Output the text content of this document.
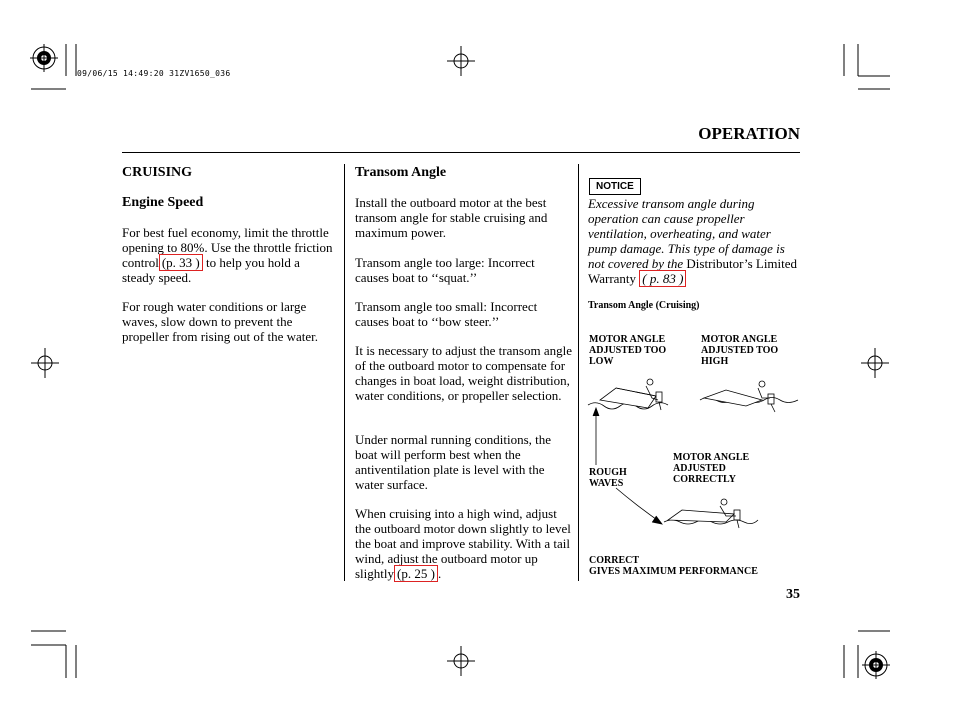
09/06/15 14:49:20 31ZV1650_036
OPERATION
CRUISING
Engine Speed
For best fuel economy, limit the throttle opening to 80%. Use the throttle friction control (p. 33 ) to help you hold a steady speed.
For rough water conditions or large waves, slow down to prevent the propeller from rising out of the water.
Transom Angle
Install the outboard motor at the best transom angle for stable cruising and maximum power.
Transom angle too large: Incorrect causes boat to ‘‘squat.’’
Transom angle too small: Incorrect causes boat to ‘‘bow steer.’’
It is necessary to adjust the transom angle of the outboard motor to compensate for changes in boat load, weight distribution, water conditions, or propeller selection.
Under normal running conditions, the boat will perform best when the antiventilation plate is level with the water surface.
When cruising into a high wind, adjust the outboard motor down slightly to level the boat and improve stability. With a tail wind, adjust the outboard motor up slightly (p. 25 ) .
NOTICE
Excessive transom angle during operation can cause propeller ventilation, overheating, and water pump damage. This type of damage is not covered by the Distributor’s Limited Warranty ( p. 83 )
Transom Angle (Cruising)
MOTOR ANGLE
ADJUSTED TOO
LOW
MOTOR ANGLE
ADJUSTED TOO
HIGH
MOTOR ANGLE
ADJUSTED
CORRECTLY
ROUGH
WAVES
CORRECT
GIVES MAXIMUM PERFORMANCE
35
